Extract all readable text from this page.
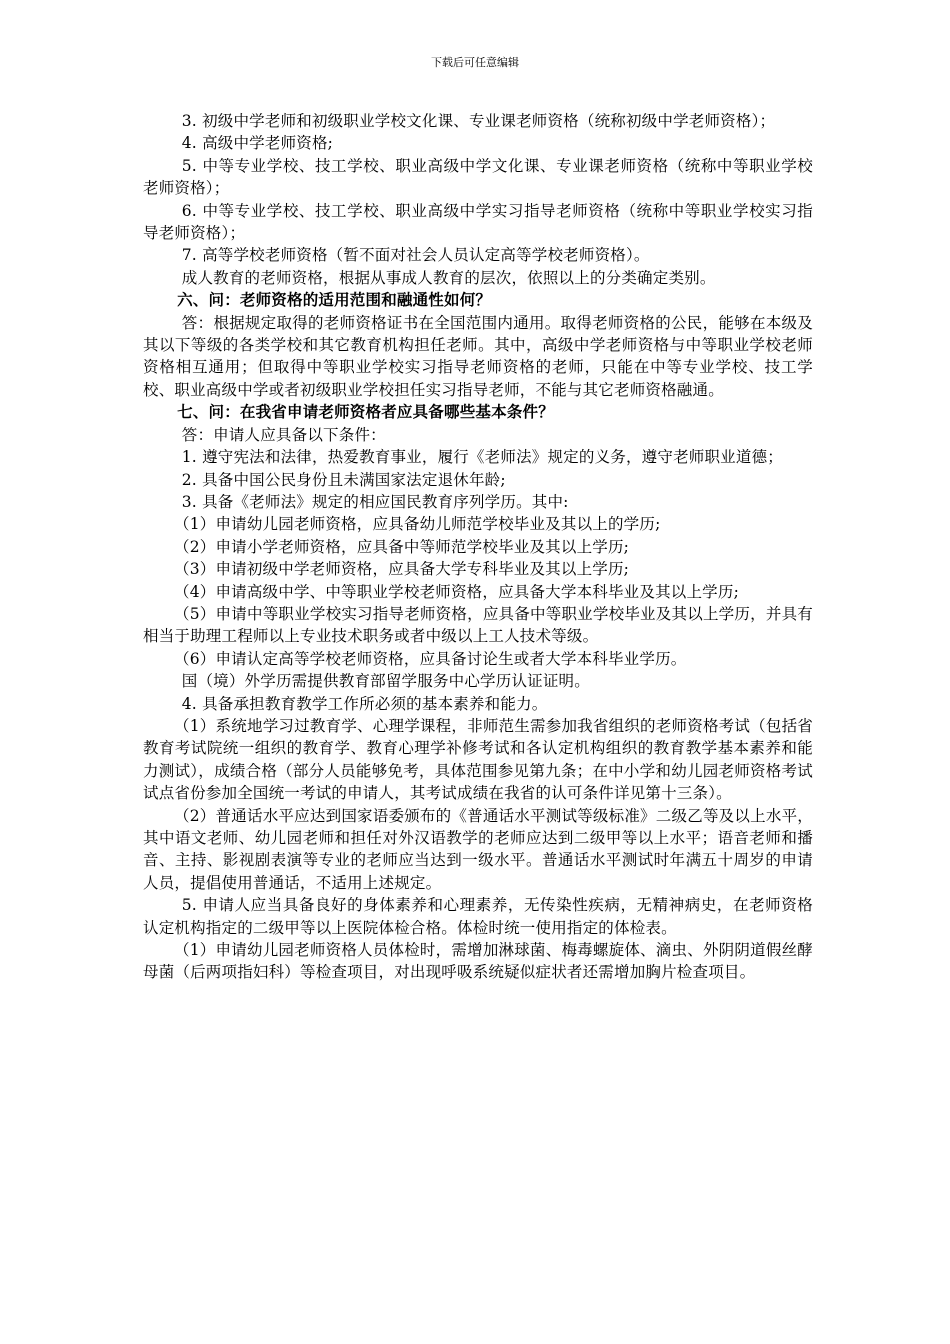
下载后可任意编辑

3. 初级中学老师和初级职业学校文化课、专业课老师资格（统称初级中学老师资格）；

4. 高级中学老师资格;

5. 中等专业学校、技工学校、职业高级中学文化课、专业课老师资格（统称中等职业学校老师资格）；

6. 中等专业学校、技工学校、职业高级中学实习指导老师资格（统称中等职业学校实习指导老师资格）；

7. 高等学校老师资格（暂不面对社会人员认定高等学校老师资格）。

成人教育的老师资格，根据从事成人教育的层次，依照以上的分类确定类别。

六、问：老师资格的适用范围和融通性如何？

答：根据规定取得的老师资格证书在全国范围内通用。取得老师资格的公民，能够在本级及其以下等级的各类学校和其它教育机构担任老师。其中，高级中学老师资格与中等职业学校老师资格相互通用；但取得中等职业学校实习指导老师资格的老师，只能在中等专业学校、技工学校、职业高级中学或者初级职业学校担任实习指导老师，不能与其它老师资格融通。

七、问：在我省申请老师资格者应具备哪些基本条件？

答：申请人应具备以下条件：

1. 遵守宪法和法律，热爱教育事业，履行《老师法》规定的义务，遵守老师职业道德；

2. 具备中国公民身份且未满国家法定退休年龄;

3. 具备《老师法》规定的相应国民教育序列学历。其中:

（1）申请幼儿园老师资格，应具备幼儿师范学校毕业及其以上的学历;

（2）申请小学老师资格，应具备中等师范学校毕业及其以上学历;

（3）申请初级中学老师资格，应具备大学专科毕业及其以上学历;

（4）申请高级中学、中等职业学校老师资格，应具备大学本科毕业及其以上学历;

（5）申请中等职业学校实习指导老师资格，应具备中等职业学校毕业及其以上学历，并具有相当于助理工程师以上专业技术职务或者中级以上工人技术等级。

（6）申请认定高等学校老师资格，应具备讨论生或者大学本科毕业学历。

国（境）外学历需提供教育部留学服务中心学历认证证明。

4. 具备承担教育教学工作所必须的基本素养和能力。

（1）系统地学习过教育学、心理学课程，非师范生需参加我省组织的老师资格考试（包括省教育考试院统一组织的教育学、教育心理学补修考试和各认定机构组织的教育教学基本素养和能力测试），成绩合格（部分人员能够免考，具体范围参见第九条；在中小学和幼儿园老师资格考试试点省份参加全国统一考试的申请人，其考试成绩在我省的认可条件详见第十三条）。

（2）普通话水平应达到国家语委颁布的《普通话水平测试等级标准》二级乙等及以上水平，其中语文老师、幼儿园老师和担任对外汉语教学的老师应达到二级甲等以上水平；语音老师和播音、主持、影视剧表演等专业的老师应当达到一级水平。普通话水平测试时年满五十周岁的申请人员，提倡使用普通话，不适用上述规定。

5. 申请人应当具备良好的身体素养和心理素养，无传染性疾病，无精神病史，在老师资格认定机构指定的二级甲等以上医院体检合格。体检时统一使用指定的体检表。

（1）申请幼儿园老师资格人员体检时，需增加淋球菌、梅毒螺旋体、滴虫、外阴阴道假丝酵母菌（后两项指妇科）等检查项目，对出现呼吸系统疑似症状者还需增加胸片检查项目。
